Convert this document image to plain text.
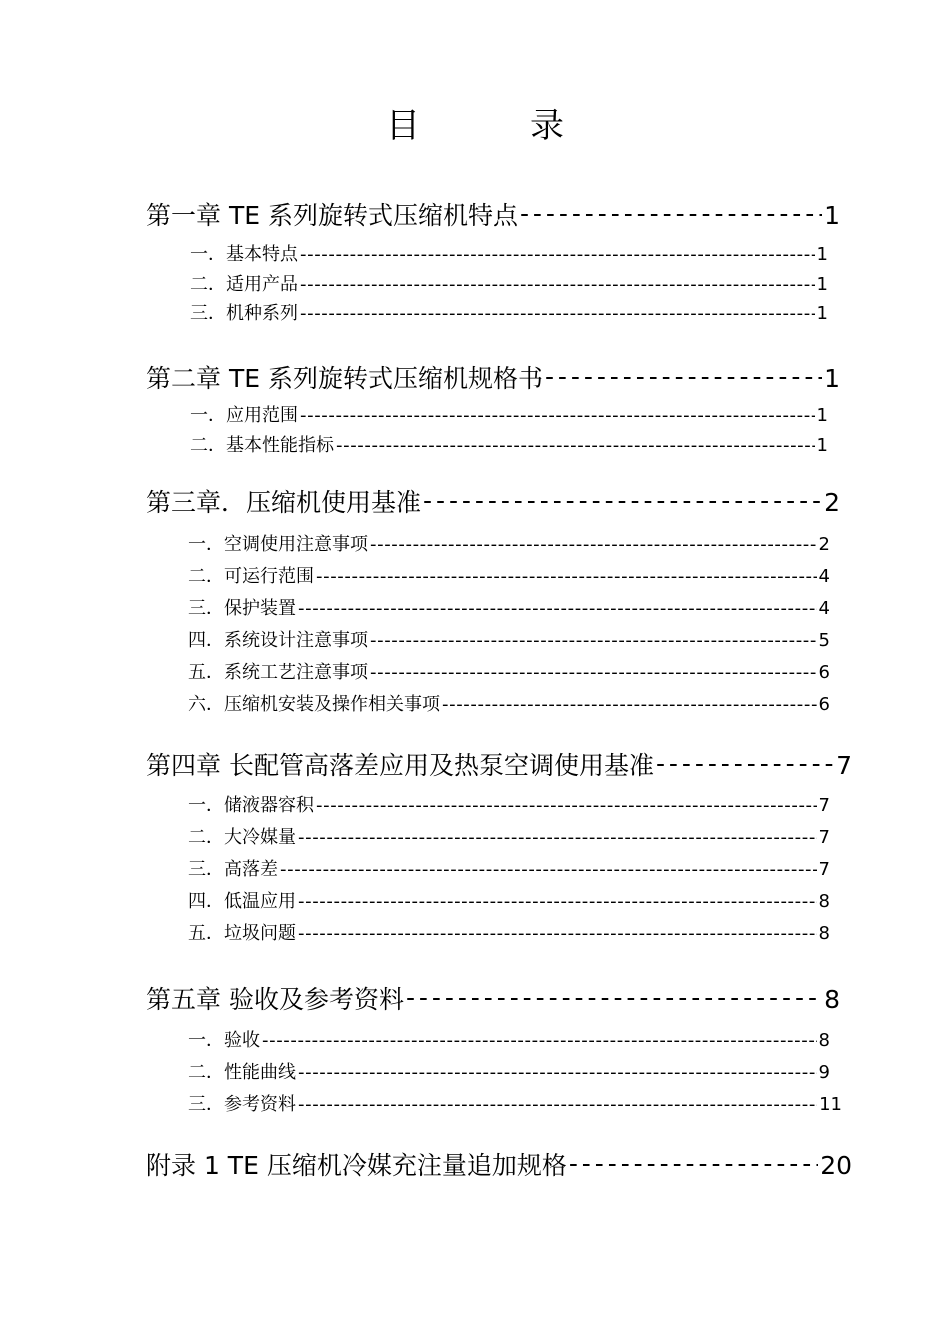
目	录
第一章 TE 系列旋转式压缩机特点 - - -	1
一．基本特点 -----	1
二．适用产品 -----	1
三．机种系列 -----	1
第二章 TE 系列旋转式压缩机规格书 - - -	1
一．应用范围 -----	1
二．基本性能指标 -----	1
第三章．压缩机使用基准 - - -	2
一．空调使用注意事项 -----	2
二．可运行范围 -----	4
三．保护装置 -----	4
四．系统设计注意事项 -----	5
五．系统工艺注意事项 -----	6
六．压缩机安装及操作相关事项 -----	6
第四章 长配管高落差应用及热泵空调使用基准 - - -	7
一．储液器容积 -----	7
二．大冷媒量 -----	7
三．高落差 -----	7
四．低温应用 -----	8
五．垃圾问题 -----	8
第五章 验收及参考资料 - - -	8
一．验收 -----	8
二．性能曲线 -----	9
三．参考资料 -----	11
附录 1 TE 压缩机冷媒充注量追加规格 - - -	20
